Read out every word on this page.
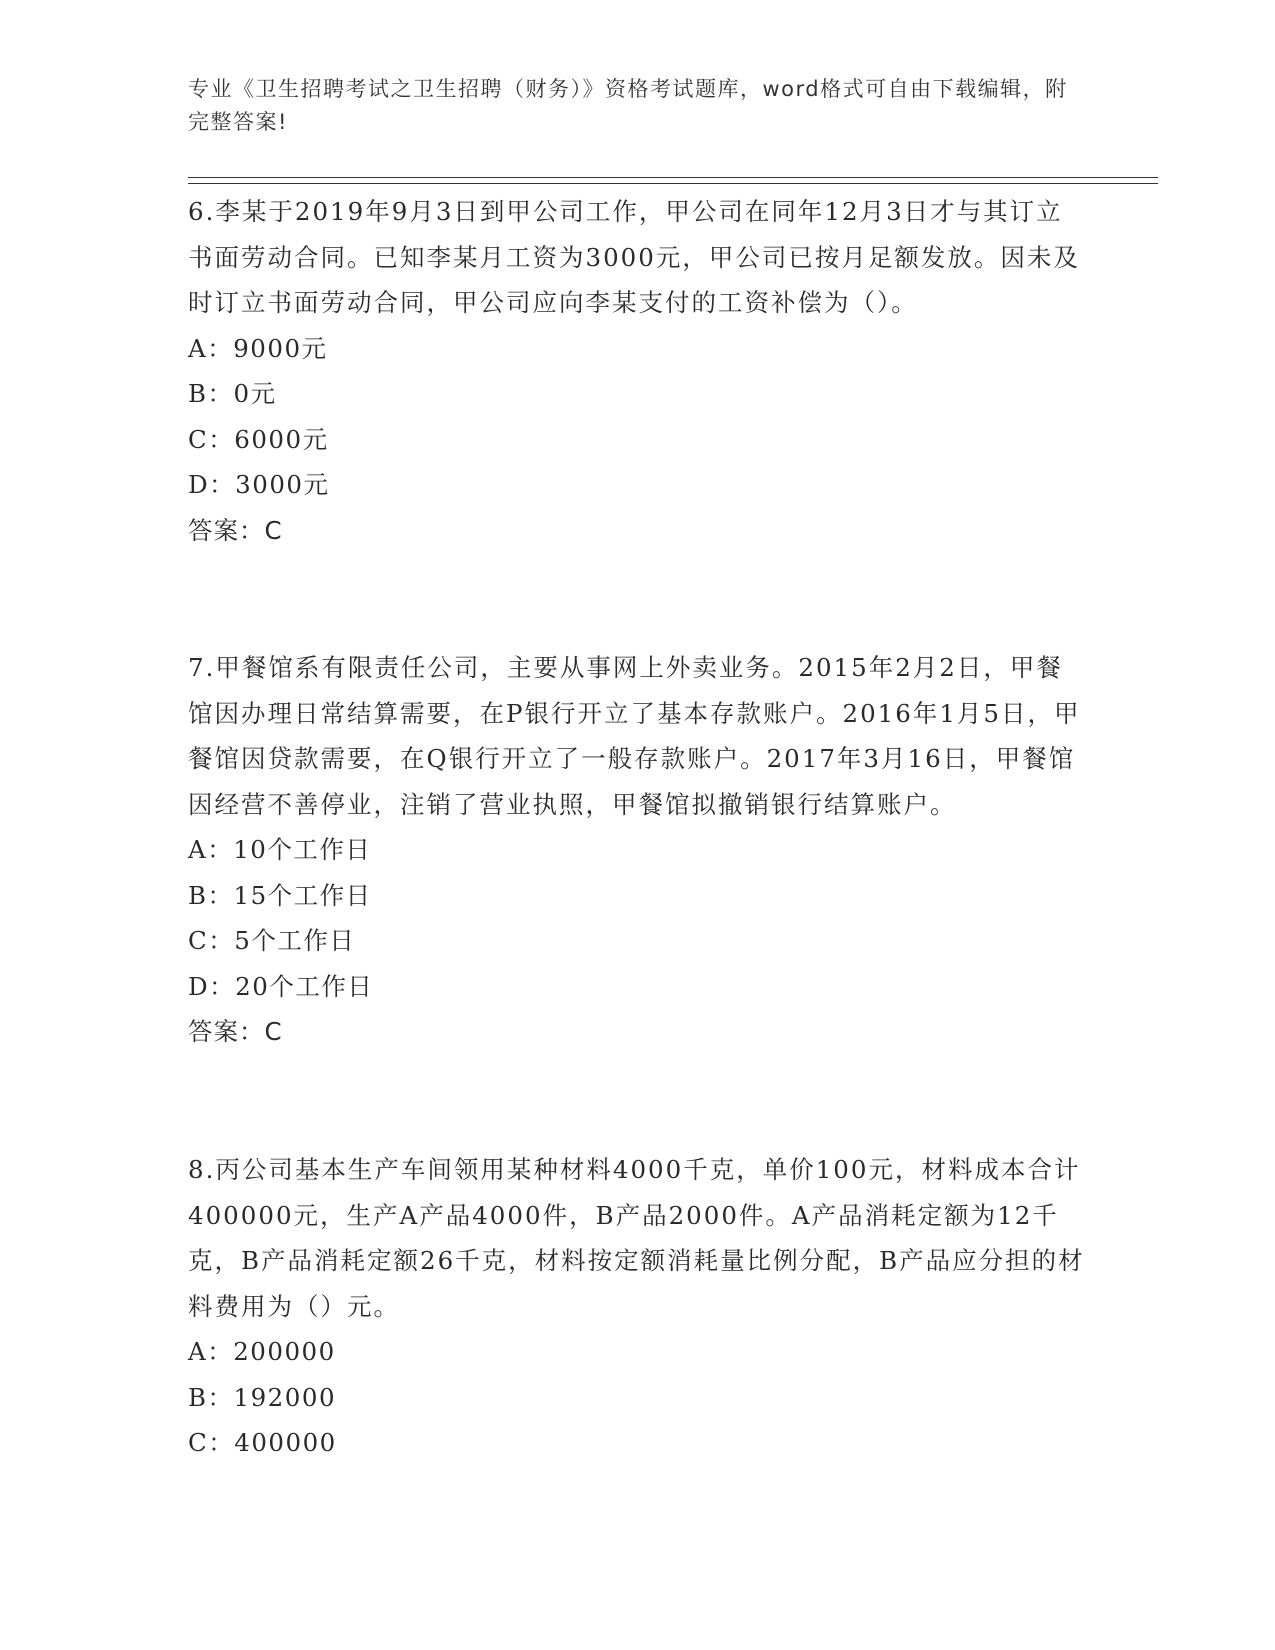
专业《卫生招聘考试之卫生招聘（财务）》资格考试题库，word格式可自由下载编辑，附完整答案!

6.李某于2019年9月3日到甲公司工作，甲公司在同年12月3日才与其订立书面劳动合同。已知李某月工资为3000元，甲公司已按月足额发放。因未及时订立书面劳动合同，甲公司应向李某支付的工资补偿为（）。

A：9000元

B：0元

C：6000元

D：3000元

答案：C

7.甲餐馆系有限责任公司，主要从事网上外卖业务。2015年2月2日，甲餐馆因办理日常结算需要，在P银行开立了基本存款账户。2016年1月5日，甲餐馆因贷款需要，在Q银行开立了一般存款账户。2017年3月16日，甲餐馆因经营不善停业，注销了营业执照，甲餐馆拟撤销银行结算账户。

A：10个工作日

B：15个工作日

C：5个工作日

D：20个工作日

答案：C

8.丙公司基本生产车间领用某种材料4000千克，单价100元，材料成本合计400000元，生产A产品4000件，B产品2000件。A产品消耗定额为12千克，B产品消耗定额26千克，材料按定额消耗量比例分配，B产品应分担的材料费用为（）元。

A：200000

B：192000

C：400000
